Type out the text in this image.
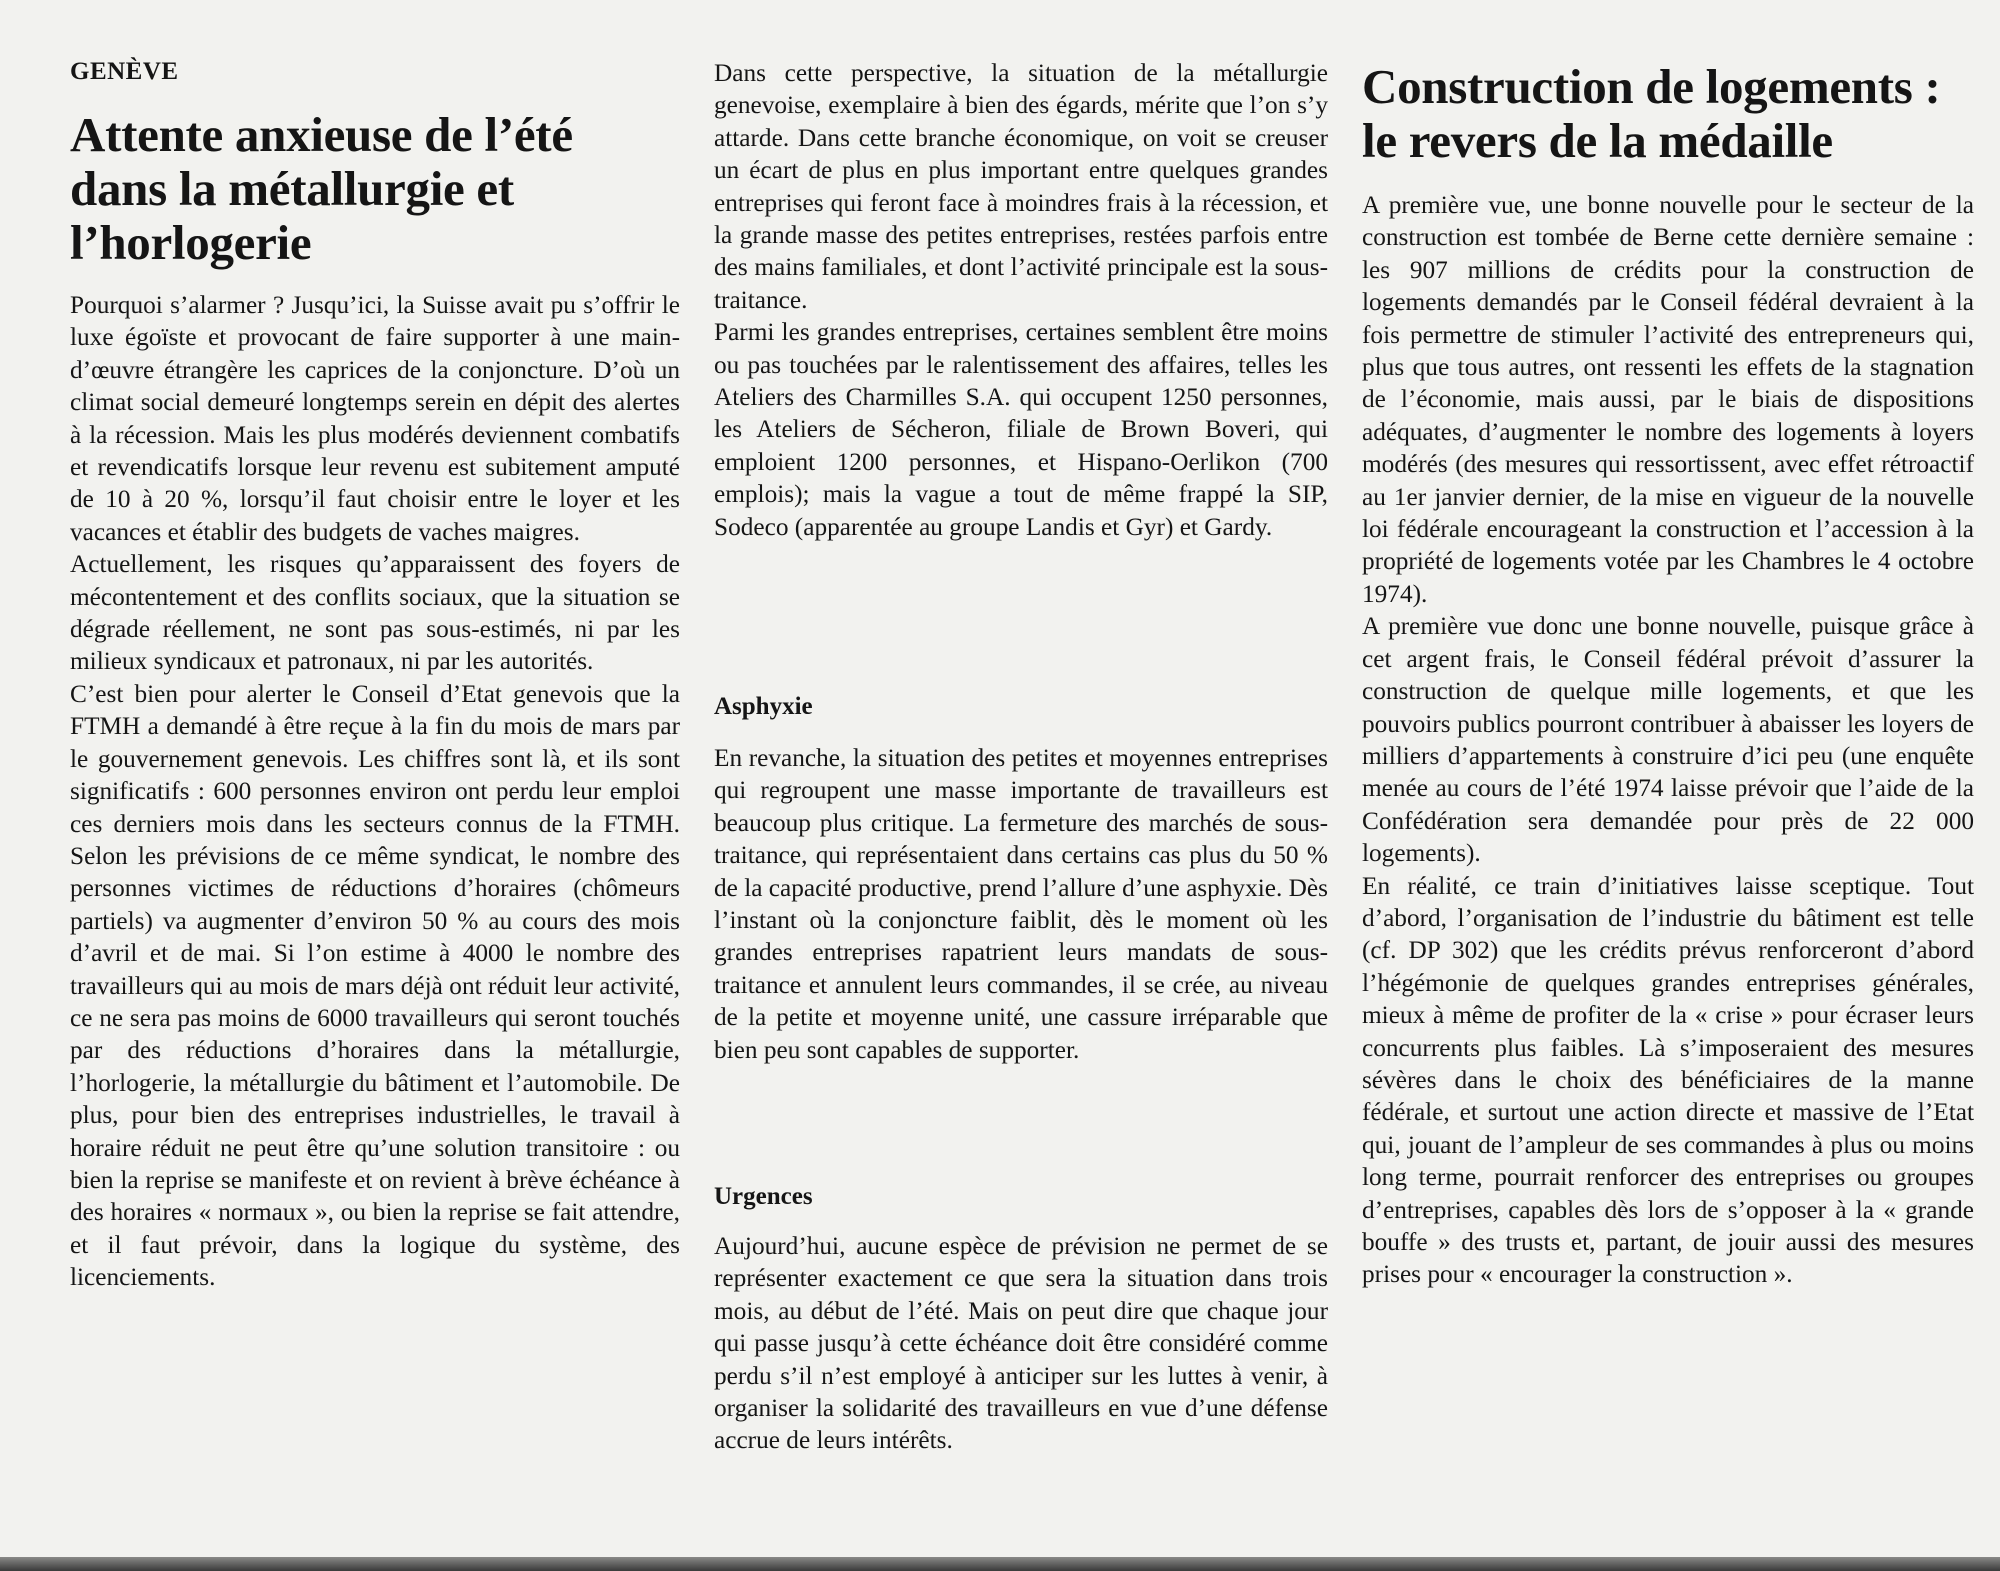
GENÈVE
Attente anxieuse de l’été dans la métallurgie et l’horlogerie

Pourquoi s’alarmer ? Jusqu’ici, la Suisse avait pu s’offrir le luxe égoïste et provocant de faire supporter à une main-d’œuvre étrangère les caprices de la conjoncture. D’où un climat social demeuré longtemps serein en dépit des alertes à la récession. Mais les plus modérés deviennent combatifs et revendicatifs lorsque leur revenu est subitement amputé de 10 à 20 %, lorsqu’il faut choisir entre le loyer et les vacances et établir des budgets de vaches maigres.

Actuellement, les risques qu’apparaissent des foyers de mécontentement et des conflits sociaux, que la situation se dégrade réellement, ne sont pas sous-estimés, ni par les milieux syndicaux et patronaux, ni par les autorités.

C’est bien pour alerter le Conseil d’Etat genevois que la FTMH a demandé à être reçue à la fin du mois de mars par le gouvernement genevois. Les chiffres sont là, et ils sont significatifs : 600 personnes environ ont perdu leur emploi ces derniers mois dans les secteurs connus de la FTMH. Selon les prévisions de ce même syndicat, le nombre des personnes victimes de réductions d’horaires (chômeurs partiels) va augmenter d’environ 50 % au cours des mois d’avril et de mai. Si l’on estime à 4000 le nombre des travailleurs qui au mois de mars déjà ont réduit leur activité, ce ne sera pas moins de 6000 travailleurs qui seront touchés par des réductions d’horaires dans la métallurgie, l’horlogerie, la métallurgie du bâtiment et l’automobile. De plus, pour bien des entreprises industrielles, le travail à horaire réduit ne peut être qu’une solution transitoire : ou bien la reprise se manifeste et on revient à brève échéance à des horaires « normaux », ou bien la reprise se fait attendre, et il faut prévoir, dans la logique du système, des licenciements.

Dans cette perspective, la situation de la métallurgie genevoise, exemplaire à bien des égards, mérite que l’on s’y attarde. Dans cette branche économique, on voit se creuser un écart de plus en plus important entre quelques grandes entreprises qui feront face à moindres frais à la récession, et la grande masse des petites entreprises, restées parfois entre des mains familiales, et dont l’activité principale est la sous-traitance.

Parmi les grandes entreprises, certaines semblent être moins ou pas touchées par le ralentissement des affaires, telles les Ateliers des Charmilles S.A. qui occupent 1250 personnes, les Ateliers de Sécheron, filiale de Brown Boveri, qui emploient 1200 personnes, et Hispano-Oerlikon (700 emplois); mais la vague a tout de même frappé la SIP, Sodeco (apparentée au groupe Landis et Gyr) et Gardy.

Asphyxie

En revanche, la situation des petites et moyennes entreprises qui regroupent une masse importante de travailleurs est beaucoup plus critique. La fermeture des marchés de sous-traitance, qui représentaient dans certains cas plus du 50 % de la capacité productive, prend l’allure d’une asphyxie. Dès l’instant où la conjoncture faiblit, dès le moment où les grandes entreprises rapatrient leurs mandats de sous-traitance et annulent leurs commandes, il se crée, au niveau de la petite et moyenne unité, une cassure irréparable que bien peu sont capables de supporter.

Urgences

Aujourd’hui, aucune espèce de prévision ne permet de se représenter exactement ce que sera la situation dans trois mois, au début de l’été. Mais on peut dire que chaque jour qui passe jusqu’à cette échéance doit être considéré comme perdu s’il n’est employé à anticiper sur les luttes à venir, à organiser la solidarité des travailleurs en vue d’une défense accrue de leurs intérêts.

Construction de logements : le revers de la médaille

A première vue, une bonne nouvelle pour le secteur de la construction est tombée de Berne cette dernière semaine : les 907 millions de crédits pour la construction de logements demandés par le Conseil fédéral devraient à la fois permettre de stimuler l’activité des entrepreneurs qui, plus que tous autres, ont ressenti les effets de la stagnation de l’économie, mais aussi, par le biais de dispositions adéquates, d’augmenter le nombre des logements à loyers modérés (des mesures qui ressortissent, avec effet rétroactif au 1er janvier dernier, de la mise en vigueur de la nouvelle loi fédérale encourageant la construction et l’accession à la propriété de logements votée par les Chambres le 4 octobre 1974).

A première vue donc une bonne nouvelle, puisque grâce à cet argent frais, le Conseil fédéral prévoit d’assurer la construction de quelque mille logements, et que les pouvoirs publics pourront contribuer à abaisser les loyers de milliers d’appartements à construire d’ici peu (une enquête menée au cours de l’été 1974 laisse prévoir que l’aide de la Confédération sera demandée pour près de 22 000 logements).

En réalité, ce train d’initiatives laisse sceptique. Tout d’abord, l’organisation de l’industrie du bâtiment est telle (cf. DP 302) que les crédits prévus renforceront d’abord l’hégémonie de quelques grandes entreprises générales, mieux à même de profiter de la « crise » pour écraser leurs concurrents plus faibles. Là s’imposeraient des mesures sévères dans le choix des bénéficiaires de la manne fédérale, et surtout une action directe et massive de l’Etat qui, jouant de l’ampleur de ses commandes à plus ou moins long terme, pourrait renforcer des entreprises ou groupes d’entreprises, capables dès lors de s’opposer à la « grande bouffe » des trusts et, partant, de jouir aussi des mesures prises pour « encourager la construction ».
